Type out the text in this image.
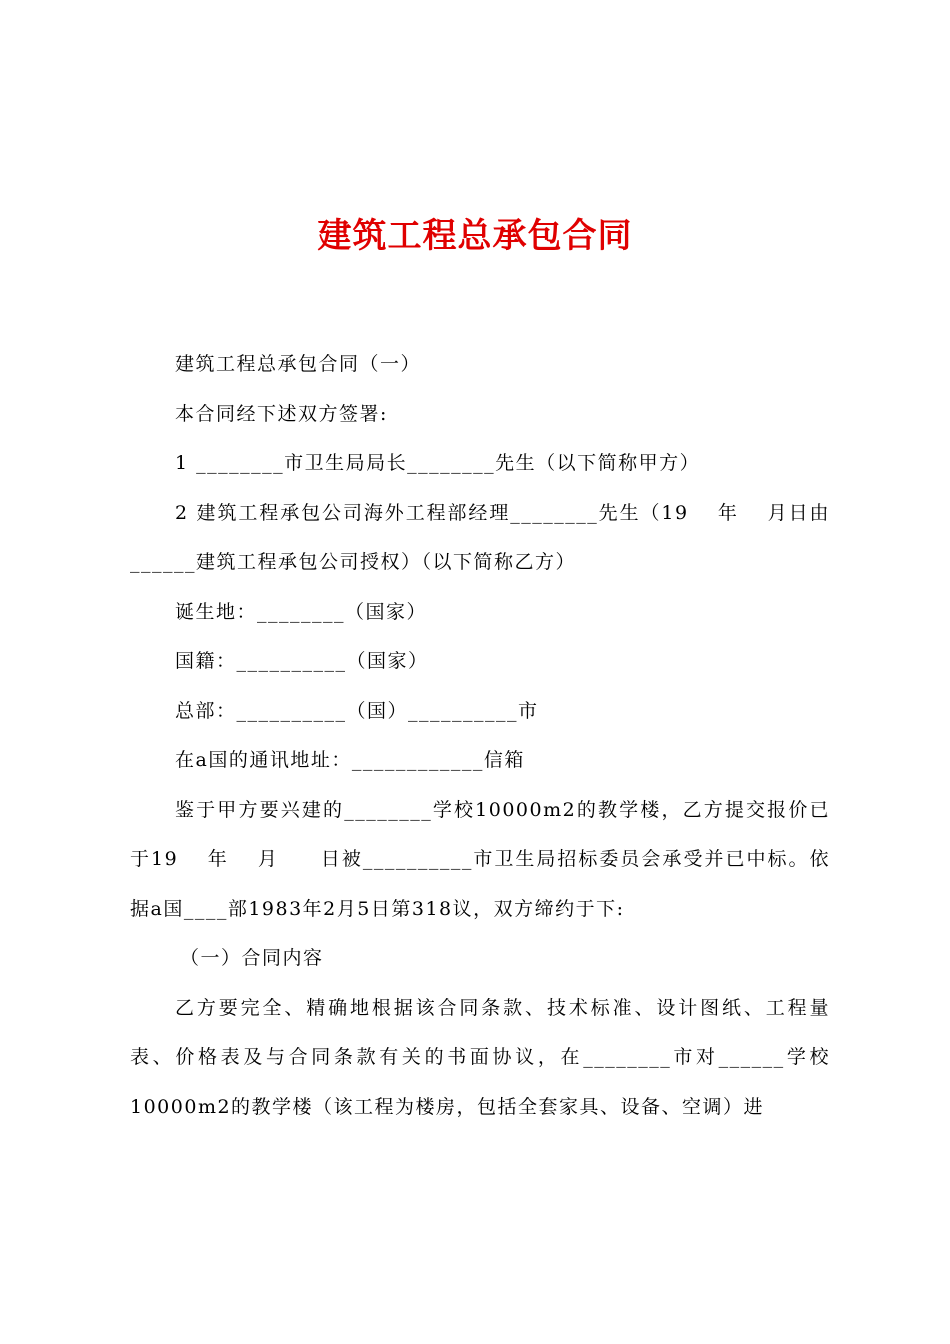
建筑工程总承包合同

建筑工程总承包合同（一）

本合同经下述双方签署:

1 ________市卫生局局长________先生（以下简称甲方）

2 建筑工程承包公司海外工程部经理________先生（19　 年　 月日由______建筑工程承包公司授权）（以下简称乙方）

诞生地：________（国家）

国籍：__________（国家）

总部：__________（国）__________市

在a国的通讯地址：____________信箱

鉴于甲方要兴建的________学校10000m2的教学楼，乙方提交报价已于19　 年　 月　　日被__________市卫生局招标委员会承受并已中标。依据a国____部1983年2月5日第318议，双方缔约于下:

（一）合同内容

乙方要完全、精确地根据该合同条款、技术标准、设计图纸、工程量表、价格表及与合同条款有关的书面协议，在________市对______学校10000m2的教学楼（该工程为楼房，包括全套家具、设备、空调）进
